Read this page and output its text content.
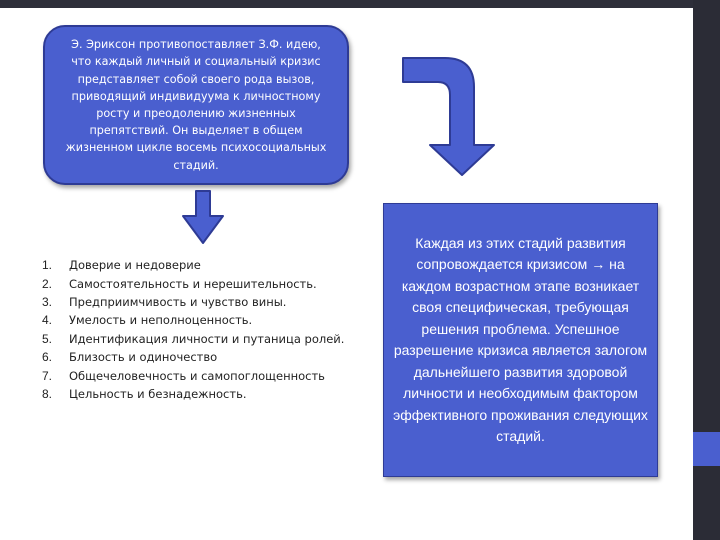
Э. Эриксон противопоставляет З.Ф. идею, что каждый личный и социальный кризис представляет собой своего рода вызов, приводящий индивидуума к личностному росту и преодолению жизненных препятствий. Он выделяет в общем жизненном цикле восемь психосоциальных стадий.
1.	Доверие и недоверие
2.	Самостоятельность и нерешительность.
3.	Предприимчивость и чувство вины.
4.	Умелость и неполноценность.
5.	Идентификация личности и путаница ролей.
6.	Близость и одиночество
7.	Общечеловечность и самопоглощенность
8.	Цельность и безнадежность.
Каждая из этих стадий развития сопровождается кризисом → на каждом возрастном этапе возникает своя специфическая, требующая решения проблема. Успешное разрешение кризиса является залогом дальнейшего развития здоровой личности и необходимым фактором эффективного проживания следующих стадий.
